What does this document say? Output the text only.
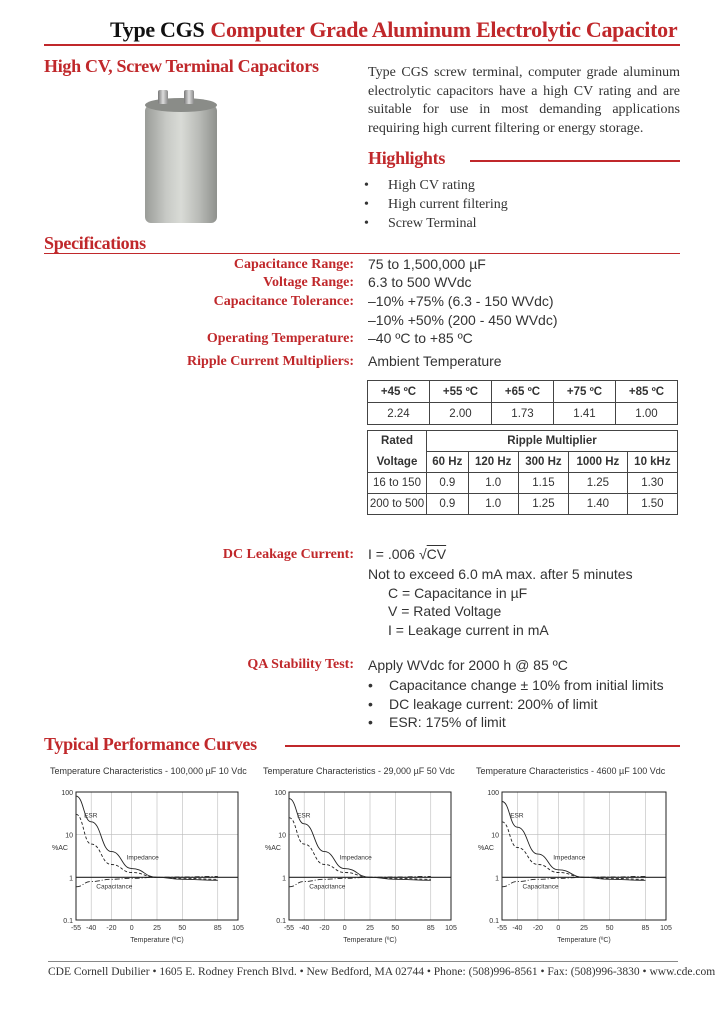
Type CGS Computer Grade Aluminum Electrolytic Capacitor
High CV, Screw Terminal Capacitors	Type CGS screw terminal, computer grade aluminum electrolytic capacitors have a high CV rating and are suitable for use in most demanding applications requiring high current filtering or energy storage.
Highlights
• High CV rating
• High current filtering
• Screw Terminal
Specifications
Capacitance Range: 75 to 1,500,000 µF
Voltage Range: 6.3 to 500 WVdc
Capacitance Tolerance: –10% +75% (6.3 - 150 WVdc)
–10% +50% (200 - 450 WVdc)
Operating Temperature: –40 ºC to +85 ºC
Ripple Current Multipliers: Ambient Temperature
+45 ºC	+55 ºC	+65 ºC	+75 ºC	+85 ºC
2.24	2.00	1.73	1.41	1.00
Rated	Ripple Multiplier				
Voltage	60 Hz	120 Hz	300 Hz	1000 Hz	10 kHz
16 to 150	0.9	1.0	1.15	1.25	1.30
200 to 500	0.9	1.0	1.25	1.40	1.50
DC Leakage Current: I = .006 √CV
Not to exceed 6.0 mA max. after 5 minutes
C = Capacitance in µF
V = Rated Voltage
I = Leakage current in mA
QA Stability Test: Apply WVdc for 2000 h @ 85 ºC
• Capacitance change ± 10% from initial limits
• DC leakage current: 200% of limit
• ESR: 175% of limit
Typical Performance Curves
Temperature Characteristics - 100,000 µF 10 Vdc Temperature Characteristics - 29,000 µF 50 Vdc Temperature Characteristics - 4600 µF 100 Vdc
-55 -40 -20 0	25	50	85 105
100
10
1
0.1
%AC
Temperature (ºC)
ESR
Impedance
Capacitance
-55 -40 -20 0	25	50	85 105
100
10
1
0.1
%AC
Temperature (ºC)
ESR
Impedance
Capacitance
-55 -40 -20 0	25	50	85 105
100
10
1
0.1
%AC
Temperature (ºC)
ESR
Impedance
Capacitance
CDE Cornell Dubilier • 1605 E. Rodney French Blvd. • New Bedford, MA 02744 • Phone: (508)996-8561 • Fax: (508)996-3830 • www.cde.com
